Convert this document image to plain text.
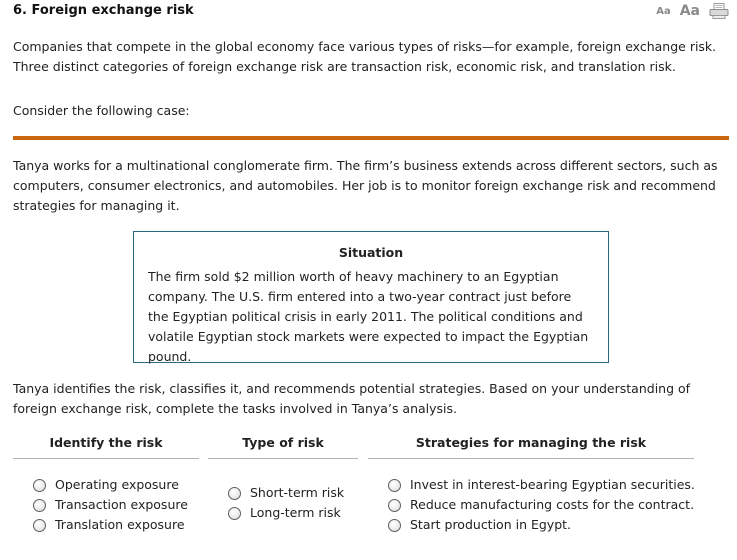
6. Foreign exchange risk	Aa Aa

Companies that compete in the global economy face various types of risks—for example, foreign exchange risk. Three distinct categories of foreign exchange risk are transaction risk, economic risk, and translation risk.

Consider the following case:

Tanya works for a multinational conglomerate firm. The firm’s business extends across different sectors, such as computers, consumer electronics, and automobiles. Her job is to monitor foreign exchange risk and recommend strategies for managing it.

Situation
The firm sold $2 million worth of heavy machinery to an Egyptian company. The U.S. firm entered into a two-year contract just before the Egyptian political crisis in early 2011. The political conditions and volatile Egyptian stock markets were expected to impact the Egyptian pound.

Tanya identifies the risk, classifies it, and recommends potential strategies. Based on your understanding of foreign exchange risk, complete the tasks involved in Tanya’s analysis.

Identify the risk
Operating exposure
Transaction exposure
Translation exposure
Type of risk
Short-term risk
Long-term risk
Strategies for managing the risk
Invest in interest-bearing Egyptian securities.
Reduce manufacturing costs for the contract.
Start production in Egypt.
